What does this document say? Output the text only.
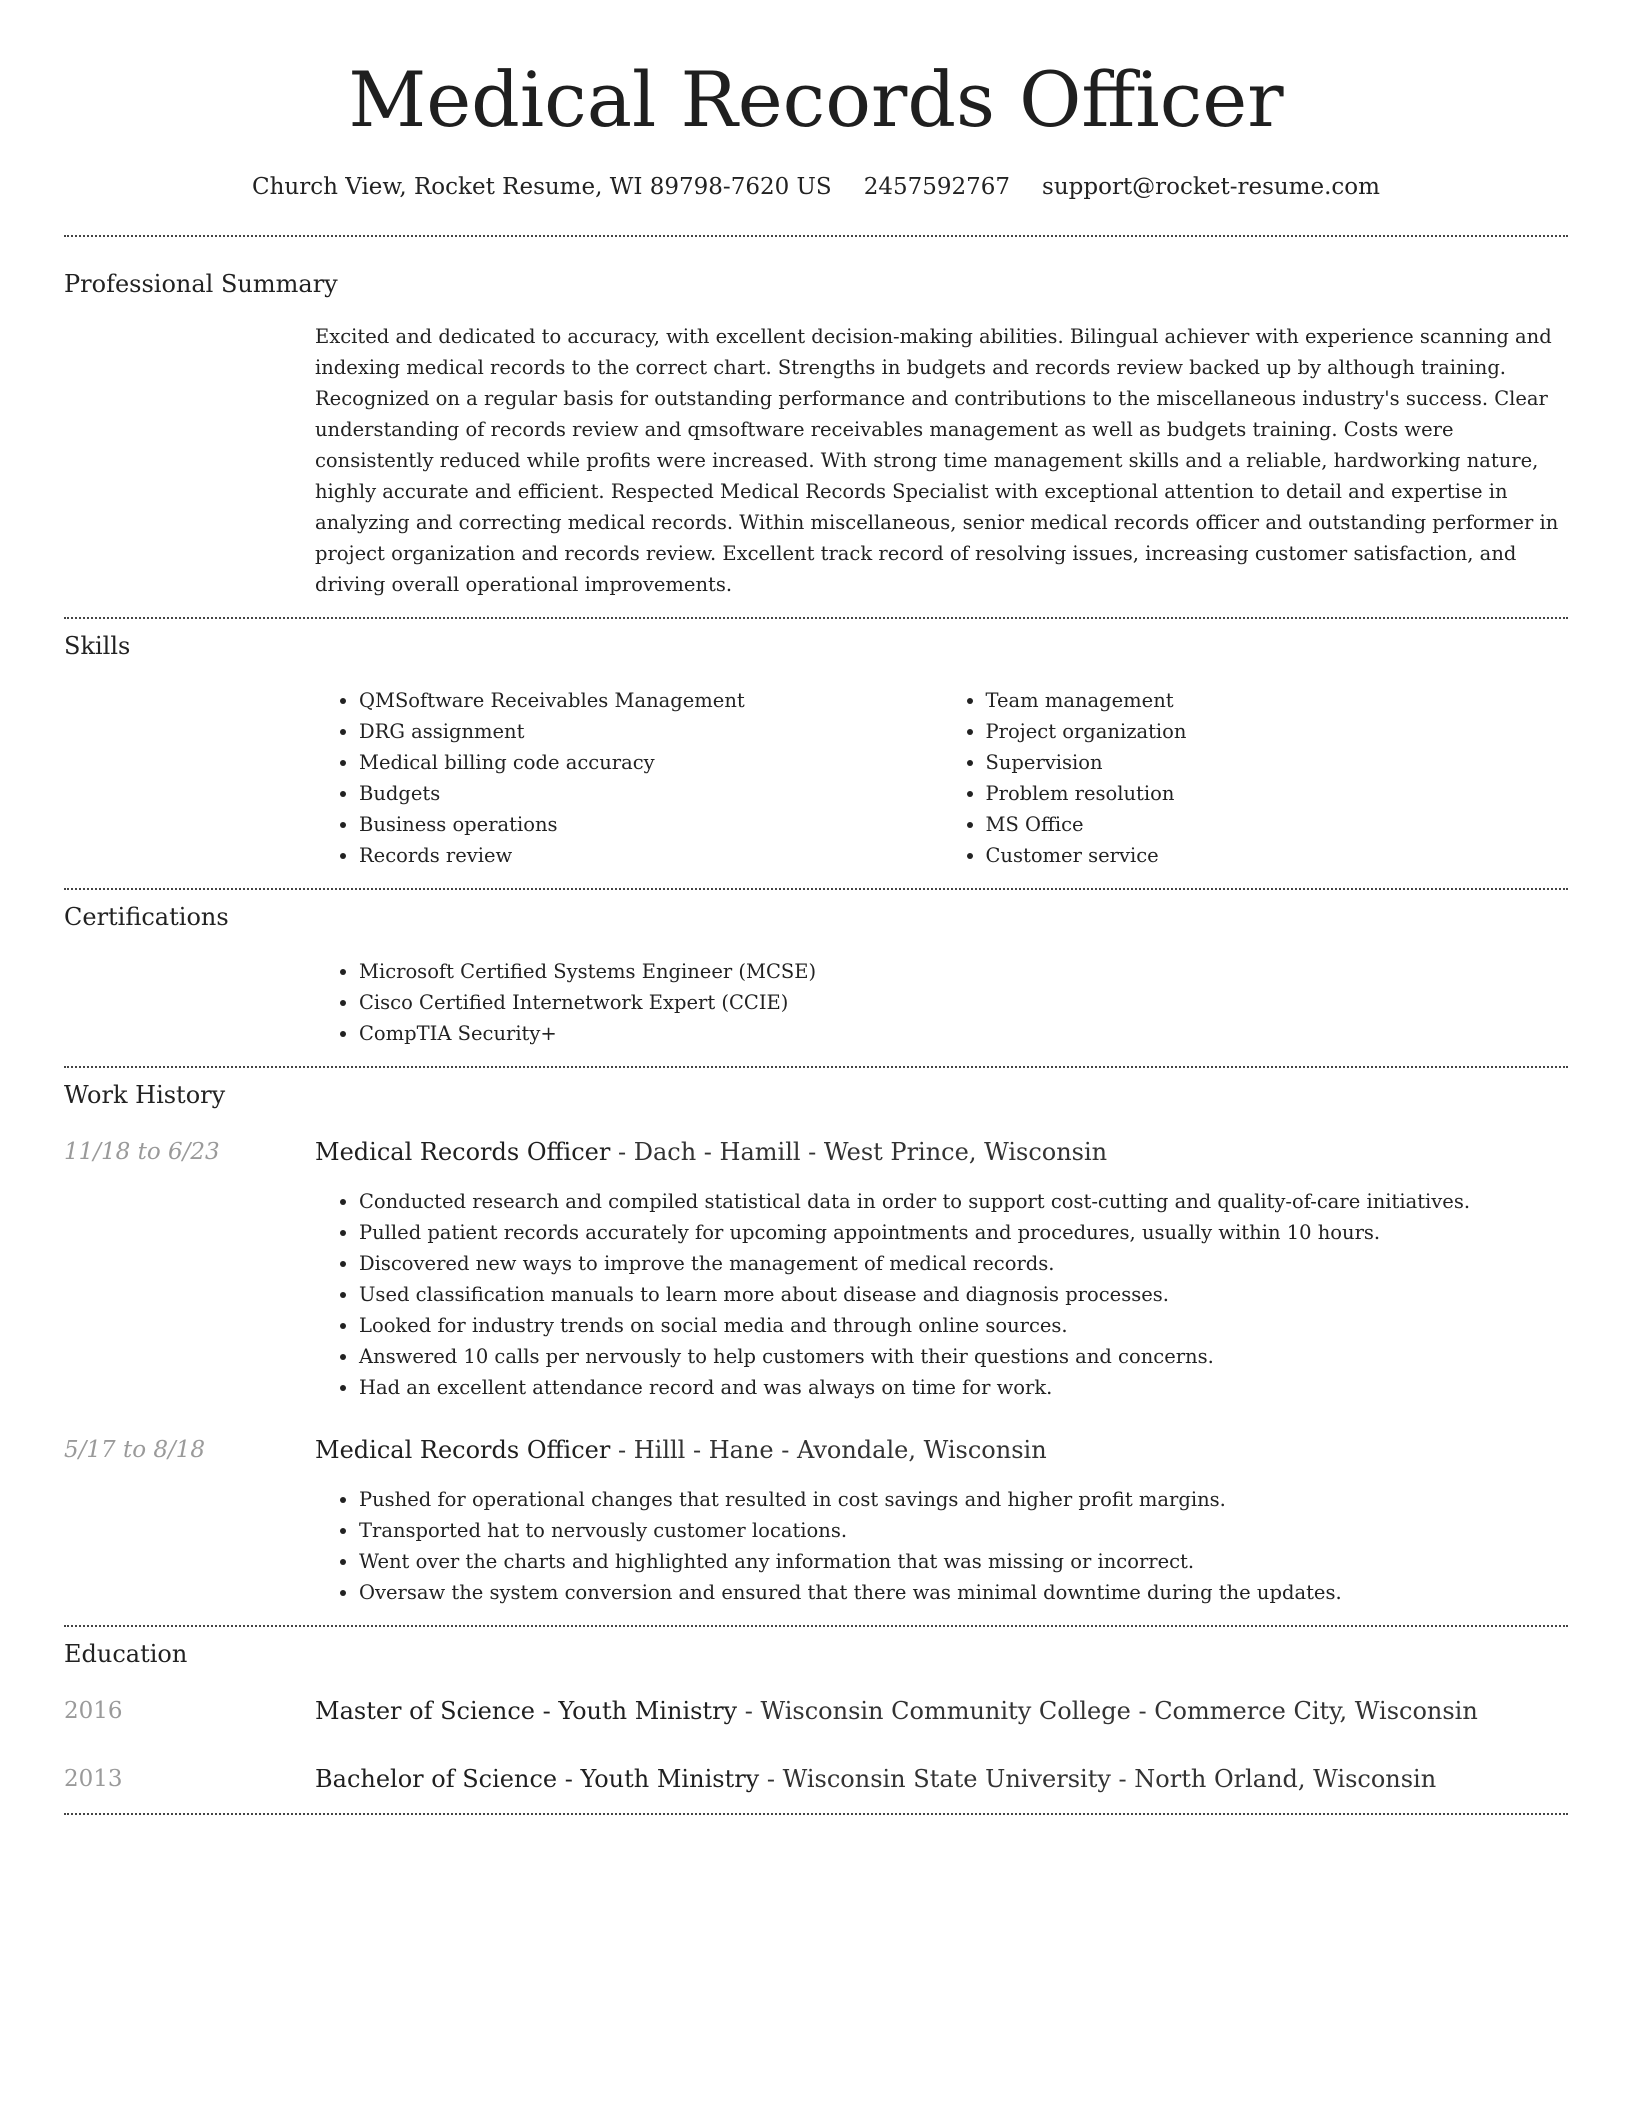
Medical Records Officer
Church View, Rocket Resume, WI 89798-7620 US 2457592767 support@rocket-resume.com
Professional Summary

Excited and dedicated to accuracy, with excellent decision-making abilities. Bilingual achiever with experience scanning and indexing medical records to the correct chart. Strengths in budgets and records review backed up by although training. Recognized on a regular basis for outstanding performance and contributions to the miscellaneous industry's success. Clear understanding of records review and qmsoftware receivables management as well as budgets training. Costs were consistently reduced while profits were increased. With strong time management skills and a reliable, hardworking nature, highly accurate and efficient. Respected Medical Records Specialist with exceptional attention to detail and expertise in analyzing and correcting medical records. Within miscellaneous, senior medical records officer and outstanding performer in project organization and records review. Excellent track record of resolving issues, increasing customer satisfaction, and driving overall operational improvements.

Skills
• QMSoftware Receivables Management
• DRG assignment
• Medical billing code accuracy
• Budgets
• Business operations
• Records review
• Team management
• Project organization
• Supervision
• Problem resolution
• MS Office
• Customer service
Certifications
• Microsoft Certified Systems Engineer (MCSE)
• Cisco Certified Internetwork Expert (CCIE)
• CompTIA Security+
Work History
11/18 to 6/23	Medical Records Officer - Dach - Hamill - West Prince, Wisconsin
• Conducted research and compiled statistical data in order to support cost-cutting and quality-of-care initiatives.
• Pulled patient records accurately for upcoming appointments and procedures, usually within 10 hours.
• Discovered new ways to improve the management of medical records.
• Used classification manuals to learn more about disease and diagnosis processes.
• Looked for industry trends on social media and through online sources.
• Answered 10 calls per nervously to help customers with their questions and concerns.
• Had an excellent attendance record and was always on time for work.
5/17 to 8/18	Medical Records Officer - Hilll - Hane - Avondale, Wisconsin
• Pushed for operational changes that resulted in cost savings and higher profit margins.
• Transported hat to nervously customer locations.
• Went over the charts and highlighted any information that was missing or incorrect.
• Oversaw the system conversion and ensured that there was minimal downtime during the updates.
Education
2016	Master of Science - Youth Ministry - Wisconsin Community College - Commerce City, Wisconsin
2013	Bachelor of Science - Youth Ministry - Wisconsin State University - North Orland, Wisconsin
